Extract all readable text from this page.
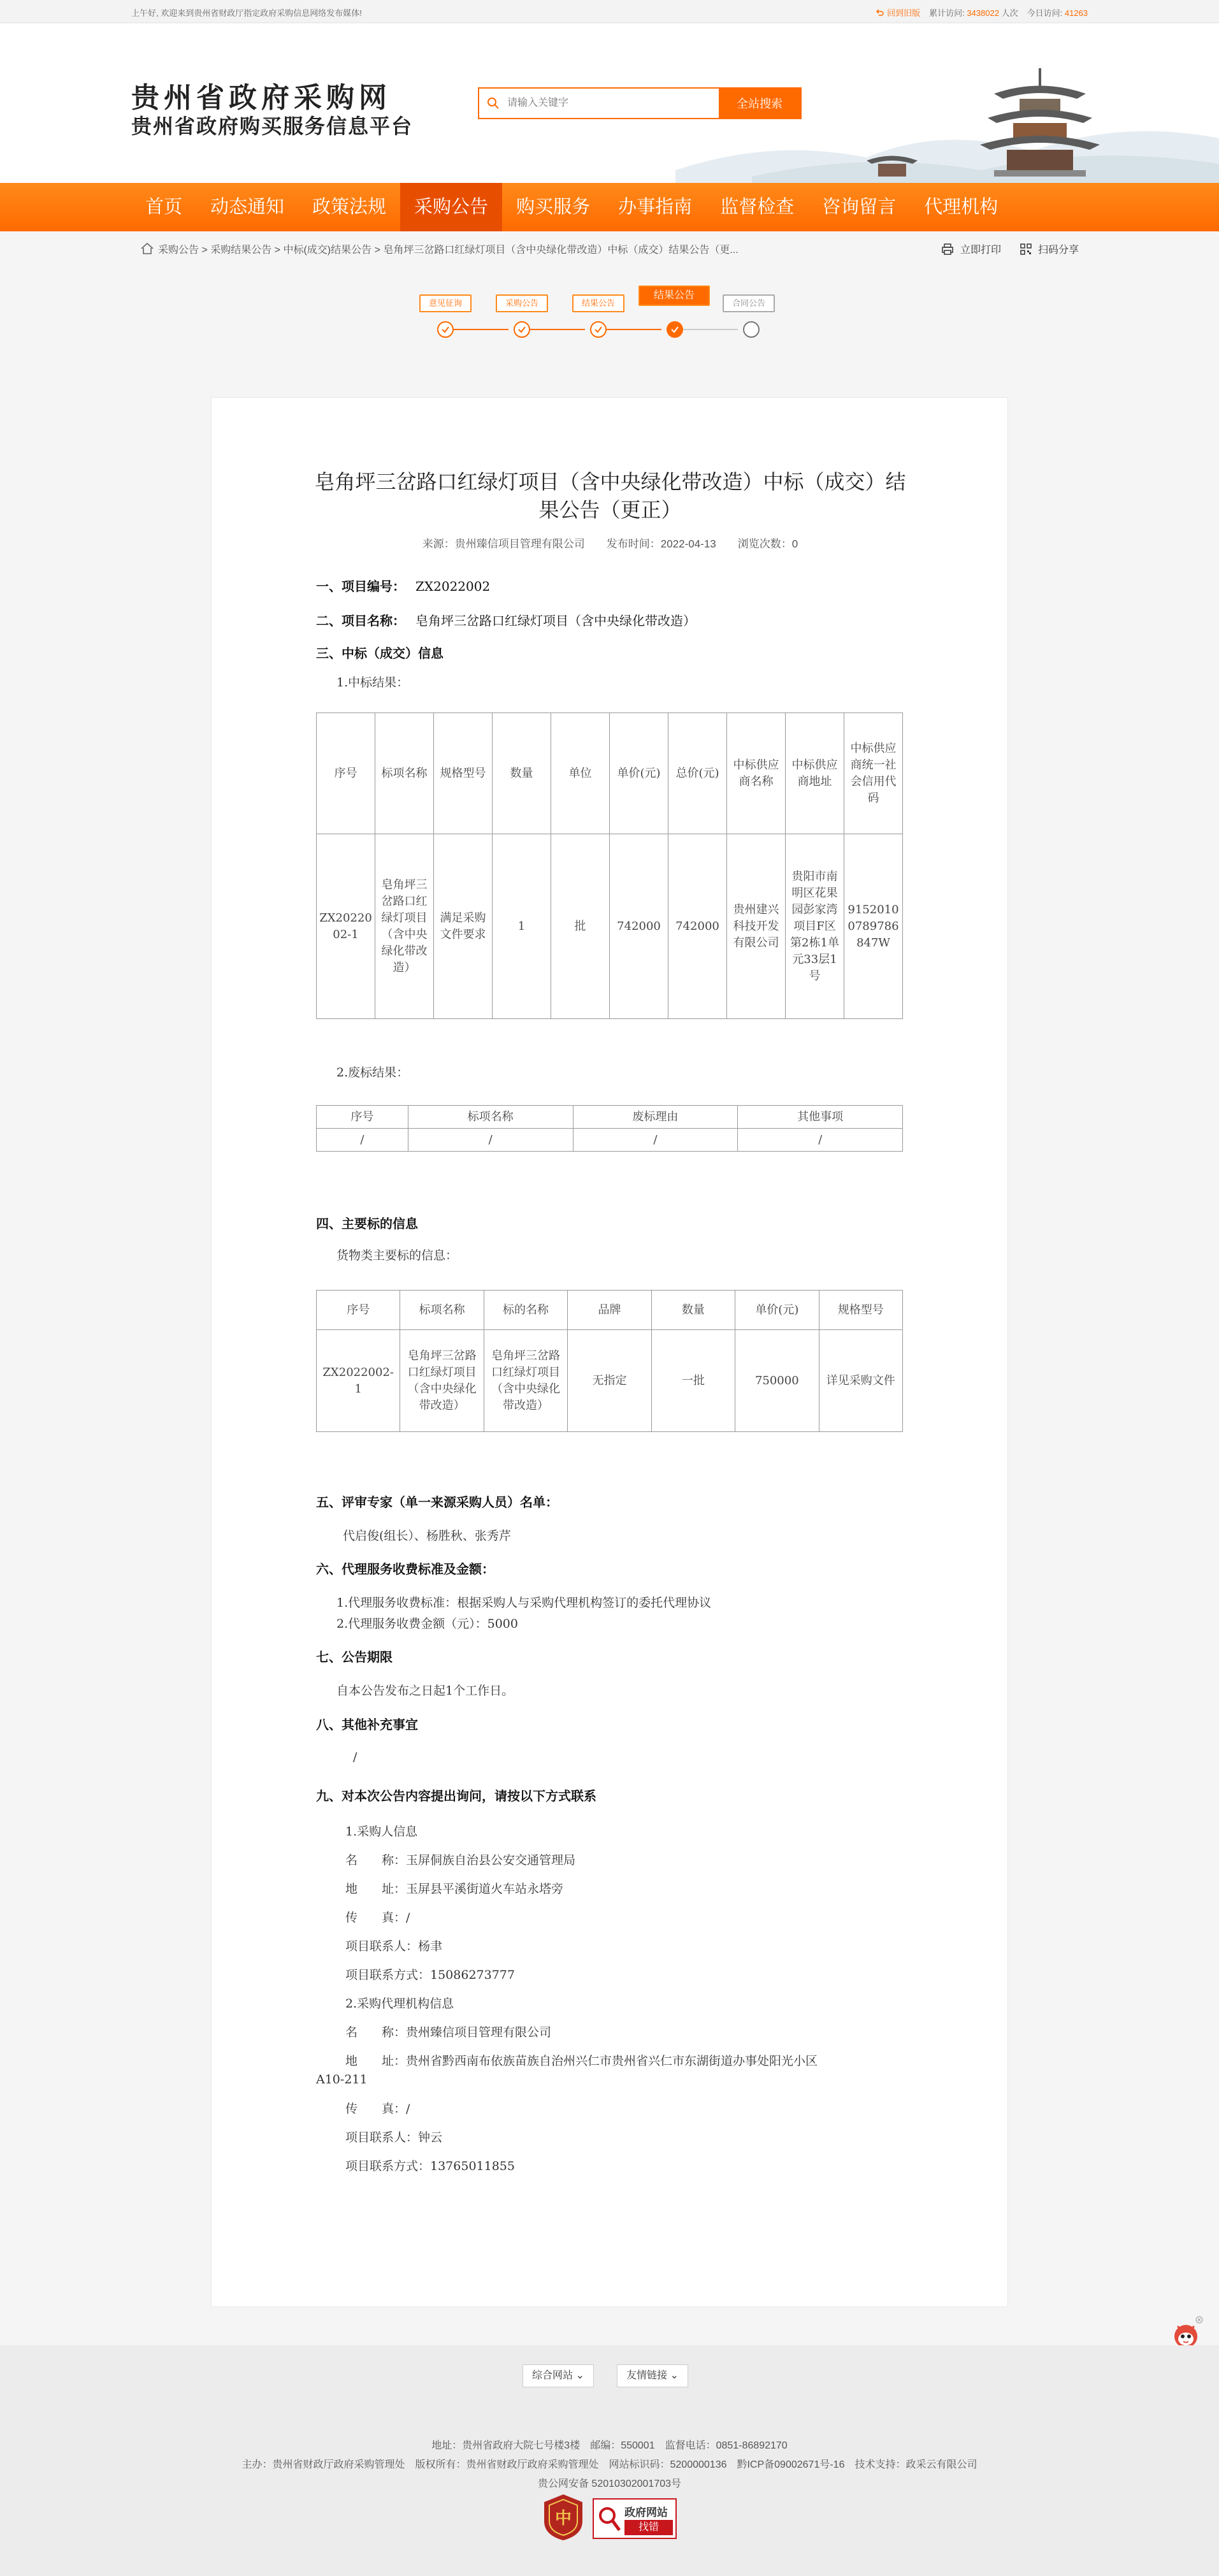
上午好, 欢迎来到贵州省财政厅指定政府采购信息网络发布媒体!	回到旧版 累计访问: 3438022 人次 今日访问: 41263
贵州省政府采购网
贵州省政府购买服务信息平台
请输入关键字
全站搜索
首页	动态通知	政策法规	采购公告	购买服务	办事指南	监督检查	咨询留言	代理机构
采购公告 > 采购结果公告 > 中标(成交)结果公告 > 皂角坪三岔路口红绿灯项目（含中央绿化带改造）中标（成交）结果公告（更...	立即打印	扫码分享
意见征询	采购公告	结果公告
结果公告
合同公告
皂角坪三岔路口红绿灯项目（含中央绿化带改造）中标（成交）结果公告（更正）
来源：贵州臻信项目管理有限公司　　发布时间：2022-04-13　　浏览次数：0
一、项目编号： ZX2022002
二、项目名称： 皂角坪三岔路口红绿灯项目（含中央绿化带改造）
三、中标（成交）信息
1.中标结果：
序号	标项名称	规格型号	数量	单位	单价(元)	总价(元)	中标供应商名称	中标供应商地址	中标供应商统一社会信用代码
ZX2022002-1	皂角坪三岔路口红绿灯项目（含中央绿化带改造）	满足采购文件要求	1	批	742000	742000	贵州建兴科技开发有限公司	贵阳市南明区花果园彭家湾项目F区第2栋1单元33层1号	91520100789786847W
2.废标结果：
序号	标项名称	废标理由	其他事项
/	/	/	/
四、主要标的信息
货物类主要标的信息：
序号	标项名称	标的名称	品牌	数量	单价(元)	规格型号
ZX2022002-1	皂角坪三岔路口红绿灯项目（含中央绿化带改造）	皂角坪三岔路口红绿灯项目（含中央绿化带改造）	无指定	一批	750000	详见采购文件
五、评审专家（单一来源采购人员）名单：
代启俊(组长）、杨胜秋、张秀芹
六、代理服务收费标准及金额：
1.代理服务收费标准：根据采购人与采购代理机构签订的委托代理协议
2.代理服务收费金额（元）：5000
七、公告期限
自本公告发布之日起1个工作日。
八、其他补充事宜
/
九、对本次公告内容提出询问，请按以下方式联系
1.采购人信息
名　　称：玉屏侗族自治县公安交通管理局
地　　址：玉屏县平溪街道火车站永塔旁
传　　真：/
项目联系人：杨聿
项目联系方式：15086273777
2.采购代理机构信息
名　　称：贵州臻信项目管理有限公司
地　　址：贵州省黔西南布依族苗族自治州兴仁市贵州省兴仁市东湖街道办事处阳光小区
A10-211
传　　真：/
项目联系人：钟云
项目联系方式：13765011855
综合网站 ⌄	友情链接 ⌄
地址：贵州省政府大院七号楼3楼　邮编：550001　监督电话：0851-86892170
主办：贵州省财政厅政府采购管理处　版权所有：贵州省财政厅政府采购管理处　网站标识码：5200000136　黔ICP备09002671号-16　技术支持：政采云有限公司
贵公网安备 52010302001703号
中	政府网站
找错
